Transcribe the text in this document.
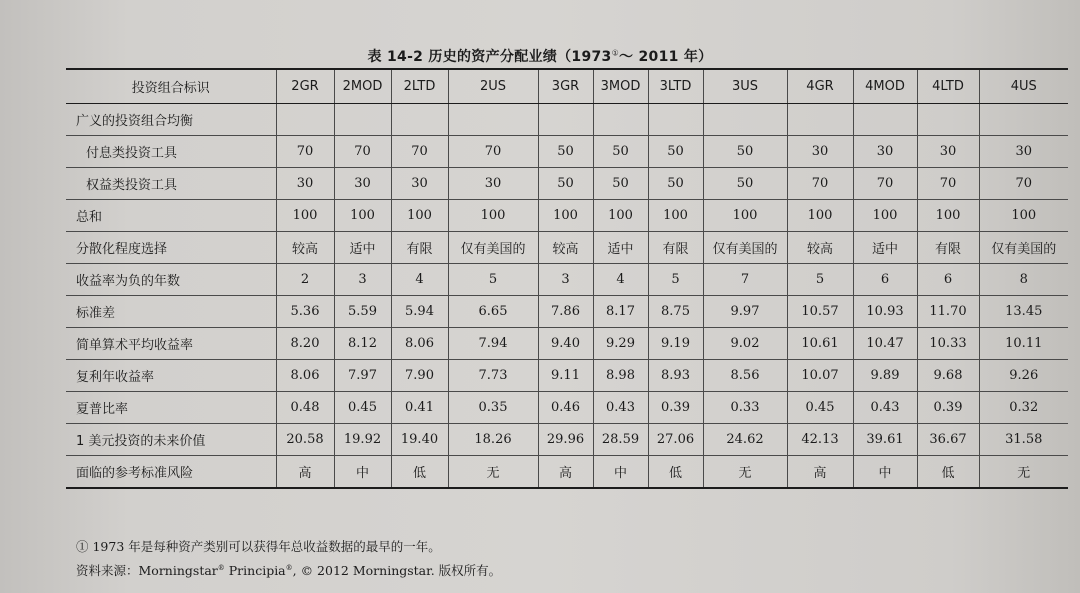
表 14-2 历史的资产分配业绩（1973①～ 2011 年）
投资组合标识	2GR	2MOD	2LTD	2US	3GR	3MOD	3LTD	3US	4GR	4MOD	4LTD	4US
广义的投资组合均衡												
付息类投资工具	70	70	70	70	50	50	50	50	30	30	30	30
权益类投资工具	30	30	30	30	50	50	50	50	70	70	70	70
总和	100	100	100	100	100	100	100	100	100	100	100	100
分散化程度选择	较高	适中	有限	仅有美国的	较高	适中	有限	仅有美国的	较高	适中	有限	仅有美国的
收益率为负的年数	2	3	4	5	3	4	5	7	5	6	6	8
标准差	5.36	5.59	5.94	6.65	7.86	8.17	8.75	9.97	10.57	10.93	11.70	13.45
简单算术平均收益率	8.20	8.12	8.06	7.94	9.40	9.29	9.19	9.02	10.61	10.47	10.33	10.11
复利年收益率	8.06	7.97	7.90	7.73	9.11	8.98	8.93	8.56	10.07	9.89	9.68	9.26
夏普比率	0.48	0.45	0.41	0.35	0.46	0.43	0.39	0.33	0.45	0.43	0.39	0.32
1 美元投资的未来价值	20.58	19.92	19.40	18.26	29.96	28.59	27.06	24.62	42.13	39.61	36.67	31.58
面临的参考标准风险	高	中	低	无	高	中	低	无	高	中	低	无
① 1973 年是每种资产类别可以获得年总收益数据的最早的一年。
资料来源：Morningstar® Principia®, © 2012 Morningstar. 版权所有。
